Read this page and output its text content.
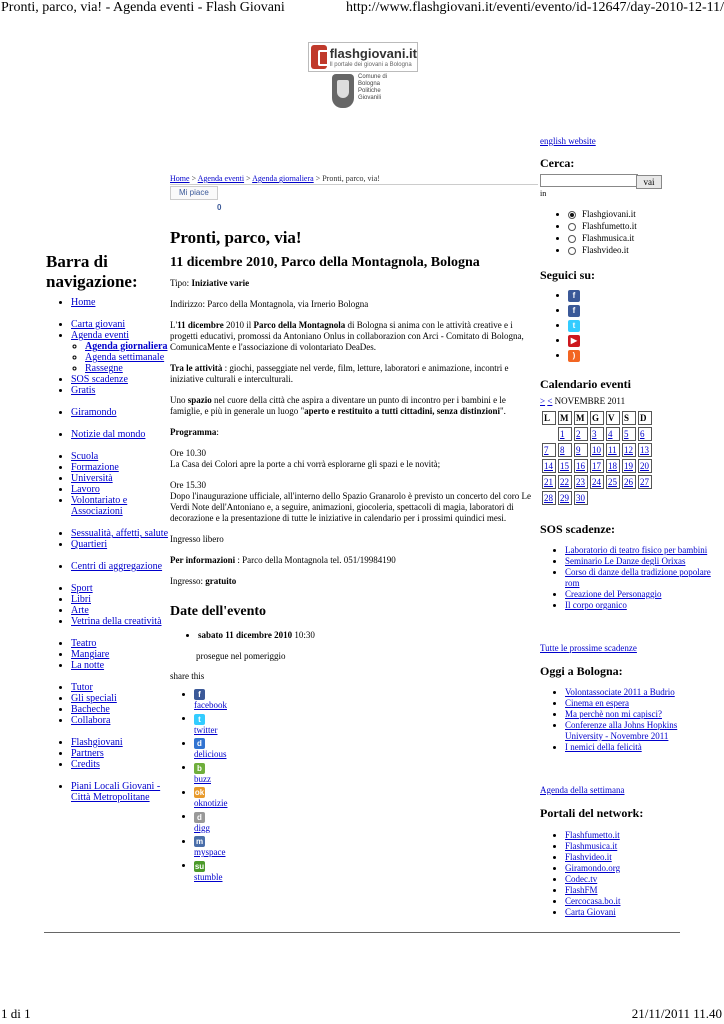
Pronti, parco, via! - Agenda eventi - Flash Giovani	http://www.flashgiovani.it/eventi/evento/id-12647/day-2010-12-11/
flashgiovani.it
Il portale dei giovani a Bologna
Comune di
Bologna
Politiche
Giovanili
Barra di navigazione:
• Home
• Carta giovani
• Agenda eventi
◦ Agenda giornaliera
◦ Agenda settimanale
◦ Rassegne
• SOS scadenze
• Gratis
• Giramondo
• Notizie dal mondo
• Scuola
• Formazione
• Università
• Lavoro
• Volontariato e Associazioni
• Sessualità, affetti, salute
• Quartieri
• Centri di aggregazione
• Sport
• Libri
• Arte
• Vetrina della creatività
• Teatro
• Mangiare
• La notte
• Tutor
• Gli speciali
• Bacheche
• Collabora
• Flashgiovani
• Partners
• Credits
• Piani Locali Giovani - Città Metropolitane
Home > Agenda eventi > Agenda giornaliera > Pronti, parco, via!
Mi piace
0
Pronti, parco, via!
11 dicembre 2010, Parco della Montagnola, Bologna

Tipo: Iniziative varie

Indirizzo: Parco della Montagnola, via Irnerio Bologna

L'11 dicembre 2010 il Parco della Montagnola di Bologna si anima con le attività creative e i progetti educativi, promossi da Antoniano Onlus in collaborazion con Arci - Comitato di Bologna, ComunicaMente e l'associazione di volontariato DeaDes.

Tra le attività : giochi, passeggiate nel verde, film, letture, laboratori e animazione, incontri e iniziative culturali e interculturali.

Uno spazio nel cuore della città che aspira a diventare un punto di incontro per i bambini e le famiglie, e più in generale un luogo "aperto e restituito a tutti cittadini, senza distinzioni".

Programma:

Ore 10.30
La Casa dei Colori apre la porte a chi vorrà esplorarne gli spazi e le novità;

Ore 15.30
Dopo l'inaugurazione ufficiale, all'interno dello Spazio Granarolo è previsto un concerto del coro Le Verdi Note dell'Antoniano e, a seguire, animazioni, giocoleria, spettacoli di magia, laboratori di decorazione e la presentazione di tutte le iniziative in calendario per i prossimi quindici mesi.

Ingresso libero

Per informazioni : Parco della Montagnola tel. 051/19984190

Ingresso: gratuito

Date dell'evento
• sabato 11 dicembre 2010 10:30
prosegue nel pomeriggio
share this
• f
facebook
• t
twitter
• d
delicious
• b
buzz
• ok
oknotizie
• d
digg
• m
myspace
• su
stumble
english website
Cerca:
vai
in
• Flashgiovani.it
• Flashfumetto.it
• Flashmusica.it
• Flashvideo.it
Seguici su:
• f
• f
• t
• ▶
• )
Calendario eventi
> < NOVEMBRE 2011
L	M	M	G	V	S	D
	1	2	3	4	5	6
7	8	9	10	11	12	13
14	15	16	17	18	19	20
21	22	23	24	25	26	27
28	29	30				
SOS scadenze:
• Laboratorio di teatro fisico per bambini
• Seminario Le Danze degli Orixas
• Corso di danze della tradizione popolare rom
• Creazione del Personaggio
• Il corpo organico
Tutte le prossime scadenze
Oggi a Bologna:
• Volontassociate 2011 a Budrio
• Cinema en espera
• Ma perchè non mi capisci?
• Conferenze alla Johns Hopkins University - Novembre 2011
• I nemici della felicità
Agenda della settimana
Portali del network:
• Flashfumetto.it
• Flashmusica.it
• Flashvideo.it
• Giramondo.org
• Codec.tv
• FlashFM
• Cercocasa.bo.it
• Carta Giovani
1 di 1	21/11/2011 11.40
